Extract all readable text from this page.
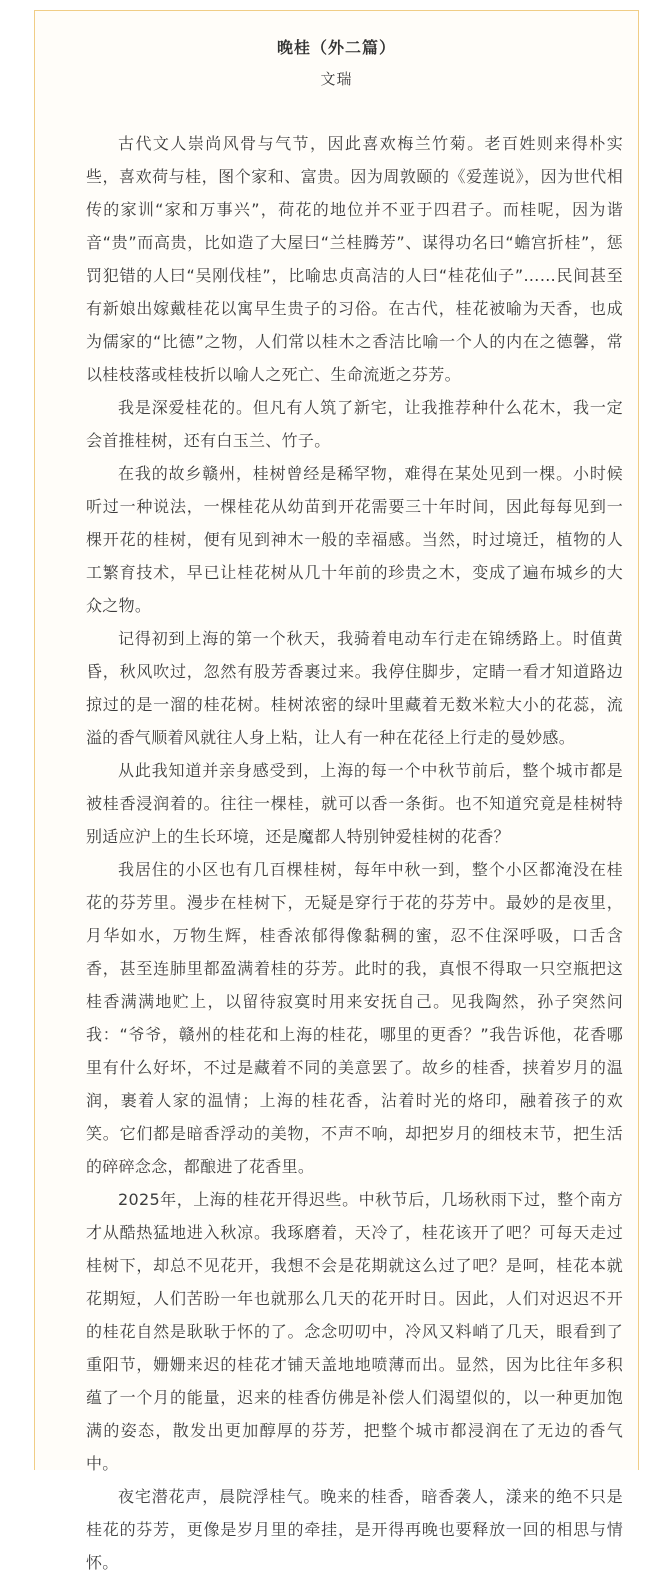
晚桂（外二篇）
文瑞

古代文人崇尚风骨与气节，因此喜欢梅兰竹菊。老百姓则来得朴实些，喜欢荷与桂，图个家和、富贵。因为周敦颐的《爱莲说》，因为世代相传的家训“家和万事兴”，荷花的地位并不亚于四君子。而桂呢，因为谐音“贵”而高贵，比如造了大屋曰“兰桂腾芳”、谋得功名曰“蟾宫折桂”，惩罚犯错的人曰“吴刚伐桂”，比喻忠贞高洁的人曰“桂花仙子”……民间甚至有新娘出嫁戴桂花以寓早生贵子的习俗。在古代，桂花被喻为天香，也成为儒家的“比德”之物，人们常以桂木之香洁比喻一个人的内在之德馨，常以桂枝落或桂枝折以喻人之死亡、生命流逝之芬芳。

我是深爱桂花的。但凡有人筑了新宅，让我推荐种什么花木，我一定会首推桂树，还有白玉兰、竹子。

在我的故乡赣州，桂树曾经是稀罕物，难得在某处见到一棵。小时候听过一种说法，一棵桂花从幼苗到开花需要三十年时间，因此每每见到一棵开花的桂树，便有见到神木一般的幸福感。当然，时过境迁，植物的人工繁育技术，早已让桂花树从几十年前的珍贵之木，变成了遍布城乡的大众之物。

记得初到上海的第一个秋天，我骑着电动车行走在锦绣路上。时值黄昏，秋风吹过，忽然有股芳香裹过来。我停住脚步，定睛一看才知道路边掠过的是一溜的桂花树。桂树浓密的绿叶里藏着无数米粒大小的花蕊，流溢的香气顺着风就往人身上粘，让人有一种在花径上行走的曼妙感。

从此我知道并亲身感受到，上海的每一个中秋节前后，整个城市都是被桂香浸润着的。往往一棵桂，就可以香一条街。也不知道究竟是桂树特别适应沪上的生长环境，还是魔都人特别钟爱桂树的花香？

我居住的小区也有几百棵桂树，每年中秋一到，整个小区都淹没在桂花的芬芳里。漫步在桂树下，无疑是穿行于花的芬芳中。最妙的是夜里，月华如水，万物生辉，桂香浓郁得像黏稠的蜜，忍不住深呼吸，口舌含香，甚至连肺里都盈满着桂的芬芳。此时的我，真恨不得取一只空瓶把这桂香满满地贮上，以留待寂寞时用来安抚自己。见我陶然，孙子突然问我：“爷爷，赣州的桂花和上海的桂花，哪里的更香？”我告诉他，花香哪里有什么好坏，不过是藏着不同的美意罢了。故乡的桂香，挟着岁月的温润，裹着人家的温情；上海的桂花香，沾着时光的烙印，融着孩子的欢笑。它们都是暗香浮动的美物，不声不响，却把岁月的细枝末节，把生活的碎碎念念，都酿进了花香里。

2025年，上海的桂花开得迟些。中秋节后，几场秋雨下过，整个南方才从酷热猛地进入秋凉。我琢磨着，天冷了，桂花该开了吧？可每天走过桂树下，却总不见花开，我想不会是花期就这么过了吧？是呵，桂花本就花期短，人们苦盼一年也就那么几天的花开时日。因此，人们对迟迟不开的桂花自然是耿耿于怀的了。念念叨叨中，冷风又料峭了几天，眼看到了重阳节，姗姗来迟的桂花才铺天盖地地喷薄而出。显然，因为比往年多积蕴了一个月的能量，迟来的桂香仿佛是补偿人们渴望似的，以一种更加饱满的姿态，散发出更加醇厚的芬芳，把整个城市都浸润在了无边的香气中。

夜宅潜花声，晨院浮桂气。晚来的桂香，暗香袭人，漾来的绝不只是桂花的芬芳，更像是岁月里的牵挂，是开得再晚也要释放一回的相思与情怀。
